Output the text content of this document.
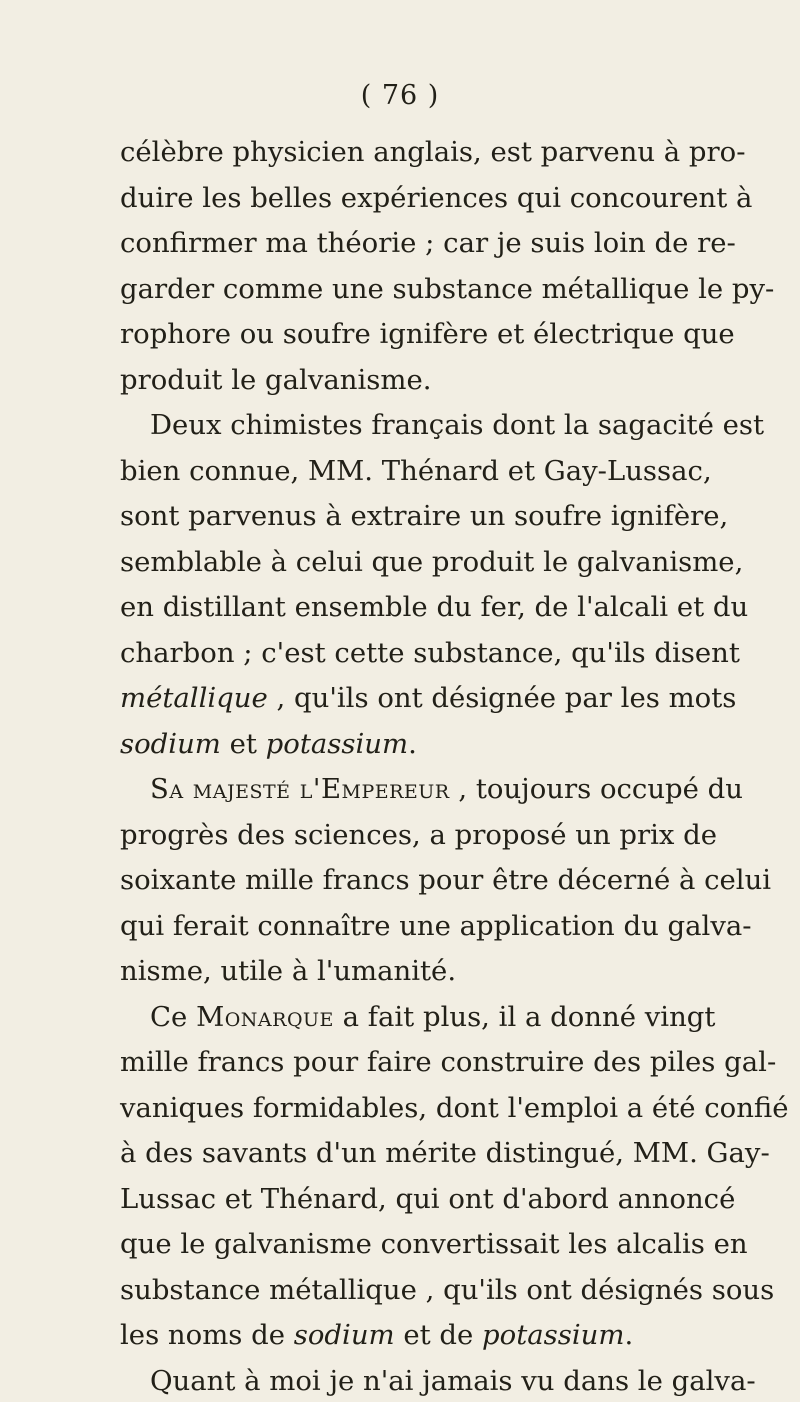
( 76 )
célèbre physicien anglais, est parvenu à pro-
duire les belles expériences qui concourent à
confirmer ma théorie ; car je suis loin de re-
garder comme une substance métallique le py-
rophore ou soufre ignifère et électrique que
produit le galvanisme.
Deux chimistes français dont la sagacité est
bien connue, MM. Thénard et Gay-Lussac,
sont parvenus à extraire un soufre ignifère,
semblable à celui que produit le galvanisme,
en distillant ensemble du fer, de l'alcali et du
charbon ; c'est cette substance, qu'ils disent
métallique , qu'ils ont désignée par les mots
sodium et potassium.
Sa majesté l'Empereur , toujours occupé du
progrès des sciences, a proposé un prix de
soixante mille francs pour être décerné à celui
qui ferait connaître une application du galva-
nisme, utile à l'umanité.
Ce Monarque a fait plus, il a donné vingt
mille francs pour faire construire des piles gal-
vaniques formidables, dont l'emploi a été confié
à des savants d'un mérite distingué, MM. Gay-
Lussac et Thénard, qui ont d'abord annoncé
que le galvanisme convertissait les alcalis en
substance métallique , qu'ils ont désignés sous
les noms de sodium et de potassium.
Quant à moi je n'ai jamais vu dans le galva-
